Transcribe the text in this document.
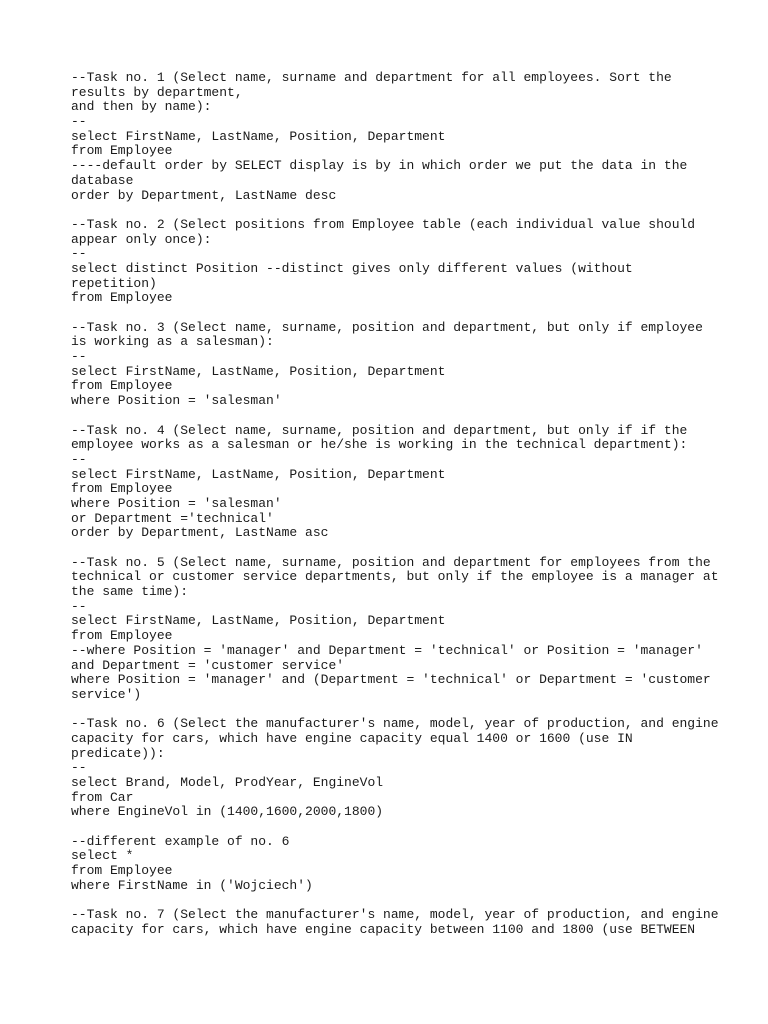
--Task no. 1 (Select name, surname and department for all employees. Sort the
results by department,
and then by name):
--
select FirstName, LastName, Position, Department
from Employee
----default order by SELECT display is by in which order we put the data in the
database
order by Department, LastName desc
--Task no. 2 (Select positions from Employee table (each individual value should
appear only once):
--
select distinct Position --distinct gives only different values (without
repetition)
from Employee
--Task no. 3 (Select name, surname, position and department, but only if employee
is working as a salesman):
--
select FirstName, LastName, Position, Department
from Employee
where Position = 'salesman'
--Task no. 4 (Select name, surname, position and department, but only if if the
employee works as a salesman or he/she is working in the technical department):
--
select FirstName, LastName, Position, Department
from Employee
where Position = 'salesman'
or Department ='technical'
order by Department, LastName asc
--Task no. 5 (Select name, surname, position and department for employees from the
technical or customer service departments, but only if the employee is a manager at
the same time):
--
select FirstName, LastName, Position, Department
from Employee
--where Position = 'manager' and Department = 'technical' or Position = 'manager'
and Department = 'customer service'
where Position = 'manager' and (Department = 'technical' or Department = 'customer
service')
--Task no. 6 (Select the manufacturer's name, model, year of production, and engine
capacity for cars, which have engine capacity equal 1400 or 1600 (use IN
predicate)):
--
select Brand, Model, ProdYear, EngineVol
from Car
where EngineVol in (1400,1600,2000,1800)
--different example of no. 6
select *
from Employee
where FirstName in ('Wojciech')
--Task no. 7 (Select the manufacturer's name, model, year of production, and engine
capacity for cars, which have engine capacity between 1100 and 1800 (use BETWEEN
